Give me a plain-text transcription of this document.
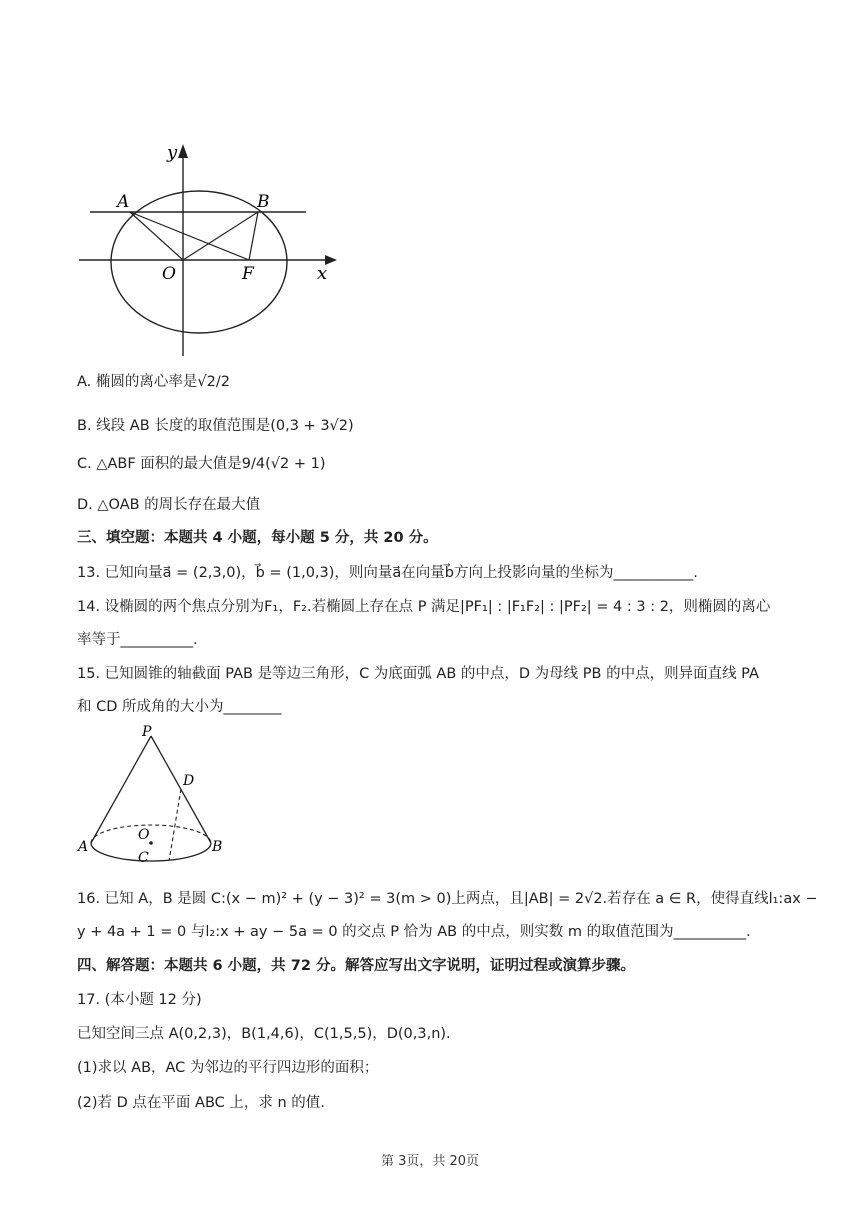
y
x
A	B
O	F
A. 椭圆的离心率是√2/2
B. 线段 AB 长度的取值范围是(0,3 + 3√2)
C. △ABF 面积的最大值是9/4(√2 + 1)
D. △OAB 的周长存在最大值
三、填空题：本题共 4 小题，每小题 5 分，共 20 分。
13. 已知向量a⃗ = (2,3,0)，b⃗ = (1,0,3)，则向量a⃗在向量b⃗方向上投影向量的坐标为___________.
14. 设椭圆的两个焦点分别为F₁，F₂.若椭圆上存在点 P 满足|PF₁| : |F₁F₂| : |PF₂| = 4 : 3 : 2，则椭圆的离心
率等于__________.
15. 已知圆锥的轴截面 PAB 是等边三角形，C 为底面弧 AB 的中点，D 为母线 PB 的中点，则异面直线 PA
和 CD 所成角的大小为________
P
D
O
A	B
C
16. 已知 A，B 是圆 C:(x − m)² + (y − 3)² = 3(m > 0)上两点，且|AB| = 2√2.若存在 a ∈ R，使得直线l₁:ax −
y + 4a + 1 = 0 与l₂:x + ay − 5a = 0 的交点 P 恰为 AB 的中点，则实数 m 的取值范围为__________.
四、解答题：本题共 6 小题，共 72 分。解答应写出文字说明，证明过程或演算步骤。
17. (本小题 12 分)
已知空间三点 A(0,2,3)，B(1,4,6)，C(1,5,5)，D(0,3,n).
(1)求以 AB，AC 为邻边的平行四边形的面积；
(2)若 D 点在平面 ABC 上，求 n 的值.
第 3页，共 20页
